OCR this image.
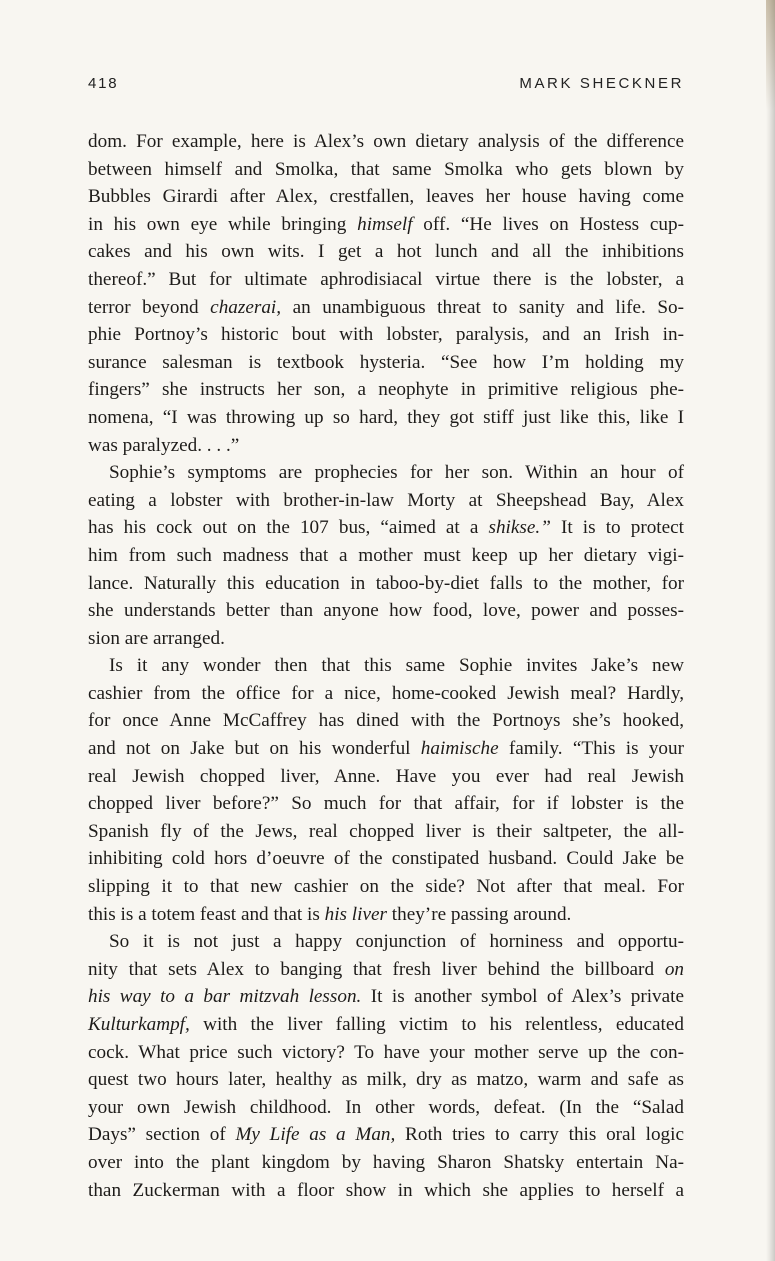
418	MARK SHECKNER
dom. For example, here is Alex’s own dietary analysis of the difference
between himself and Smolka, that same Smolka who gets blown by
Bubbles Girardi after Alex, crestfallen, leaves her house having come
in his own eye while bringing himself off. “He lives on Hostess cup-
cakes and his own wits. I get a hot lunch and all the inhibitions
thereof.” But for ultimate aphrodisiacal virtue there is the lobster, a
terror beyond chazerai, an unambiguous threat to sanity and life. So-
phie Portnoy’s historic bout with lobster, paralysis, and an Irish in-
surance salesman is textbook hysteria. “See how I’m holding my
fingers” she instructs her son, a neophyte in primitive religious phe-
nomena, “I was throwing up so hard, they got stiff just like this, like I
was paralyzed. . . .”
Sophie’s symptoms are prophecies for her son. Within an hour of
eating a lobster with brother-in-law Morty at Sheepshead Bay, Alex
has his cock out on the 107 bus, “aimed at a shikse.” It is to protect
him from such madness that a mother must keep up her dietary vigi-
lance. Naturally this education in taboo-by-diet falls to the mother, for
she understands better than anyone how food, love, power and posses-
sion are arranged.
Is it any wonder then that this same Sophie invites Jake’s new
cashier from the office for a nice, home-cooked Jewish meal? Hardly,
for once Anne McCaffrey has dined with the Portnoys she’s hooked,
and not on Jake but on his wonderful haimische family. “This is your
real Jewish chopped liver, Anne. Have you ever had real Jewish
chopped liver before?” So much for that affair, for if lobster is the
Spanish fly of the Jews, real chopped liver is their saltpeter, the all-
inhibiting cold hors d’oeuvre of the constipated husband. Could Jake be
slipping it to that new cashier on the side? Not after that meal. For
this is a totem feast and that is his liver they’re passing around.
So it is not just a happy conjunction of horniness and opportu-
nity that sets Alex to banging that fresh liver behind the billboard on
his way to a bar mitzvah lesson. It is another symbol of Alex’s private
Kulturkampf, with the liver falling victim to his relentless, educated
cock. What price such victory? To have your mother serve up the con-
quest two hours later, healthy as milk, dry as matzo, warm and safe as
your own Jewish childhood. In other words, defeat. (In the “Salad
Days” section of My Life as a Man, Roth tries to carry this oral logic
over into the plant kingdom by having Sharon Shatsky entertain Na-
than Zuckerman with a floor show in which she applies to herself a
